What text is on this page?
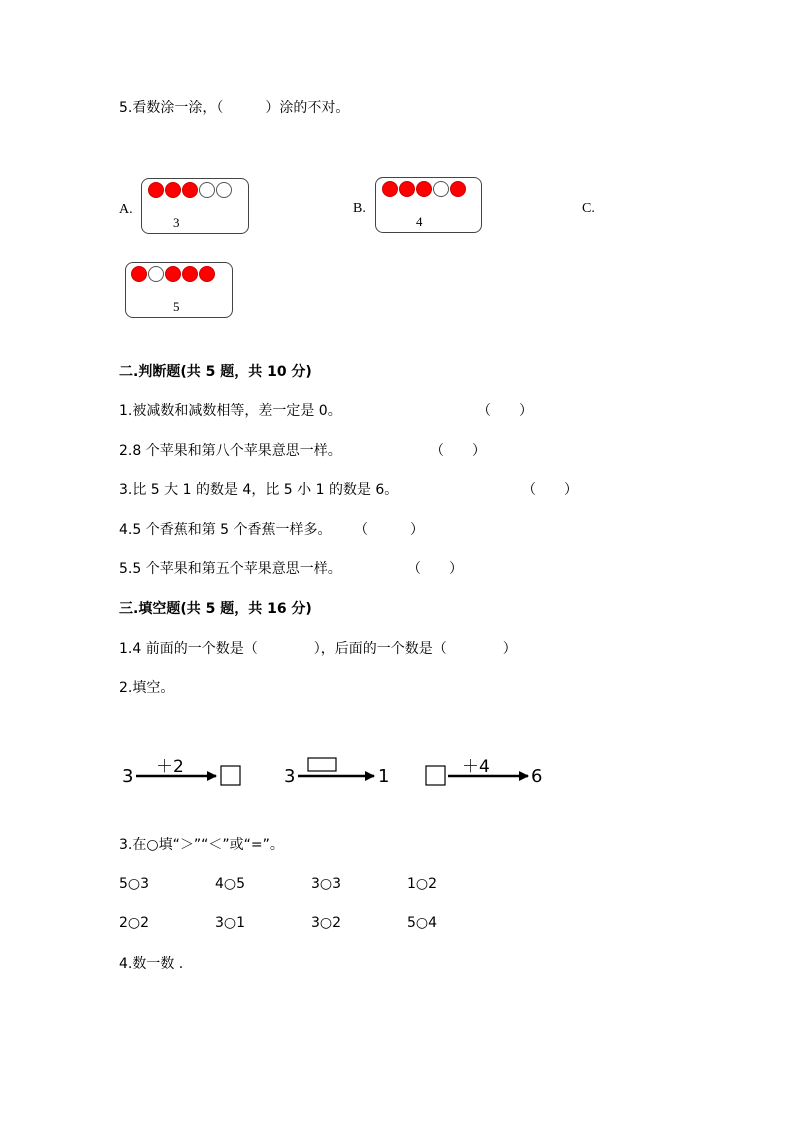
5.看数涂一涂，（　　　）涂的不对。
A.
3
B.
4
C.
5
二.判断题(共 5 题，共 10 分)
1.被减数和减数相等，差一定是 0。	（　　）
2.8 个苹果和第八个苹果意思一样。	（　　）
3.比 5 大 1 的数是 4，比 5 小 1 的数是 6。	（　　）
4.5 个香蕉和第 5 个香蕉一样多。 （　　　）
5.5 个苹果和第五个苹果意思一样。	（　　）
三.填空题(共 5 题，共 16 分)
1.4 前面的一个数是（　　　　），后面的一个数是（　　　　）
2.填空。
3 ＋2	3	1	＋4 6
3.在○填“＞”“＜”或“=”。
5○3	4○5	3○3	1○2
2○2	3○1	3○2	5○4
4.数一数 .
